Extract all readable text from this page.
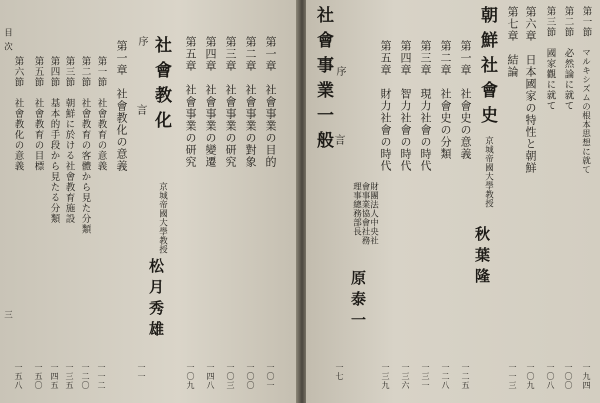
目
次
三
第六節　社會教化の意義
一五八
第五節　社會教育の目標
一五〇
第四節　基本的手段から見たる分類
一四五
第三節　朝鮮に於ける社會教育施設
一三五
第二節　社會教育の客體から見た分類
一二〇
第一節　社會教育の意義
一一二
第一章　社會教化の意義
序　　　　言
一一
社會教化
京城帝國大學教授
松月秀雄
第五章　社會事業の研究
一〇九
第四章　社會事業の變遷
一四八
第三章　社會事業の研究
一〇三
第二章　社會事業の對象
一〇〇
第一章　社會事業の目的
一〇一
社會事業一般 序　　　　言
一七
財團法人中央社會事業協會社務理事總務部長
原泰一
第五章　財力社會の時代
一三九
第四章　智力社會の時代
一三六
第三章　現力社會の時代
一三一
第二章　社會史の分類
一二八
第一章　社會史の意義
一二五
朝鮮社會史
京城帝國大學教授
秋葉隆
第七章　結論
一一三
第六章　日本國家の特性と朝鮮
一〇九
第三節　國家觀に就て
一〇八
第二節　必然論に就て
一〇〇
第一節　マルキシズムの根本思想に就て
一九四
